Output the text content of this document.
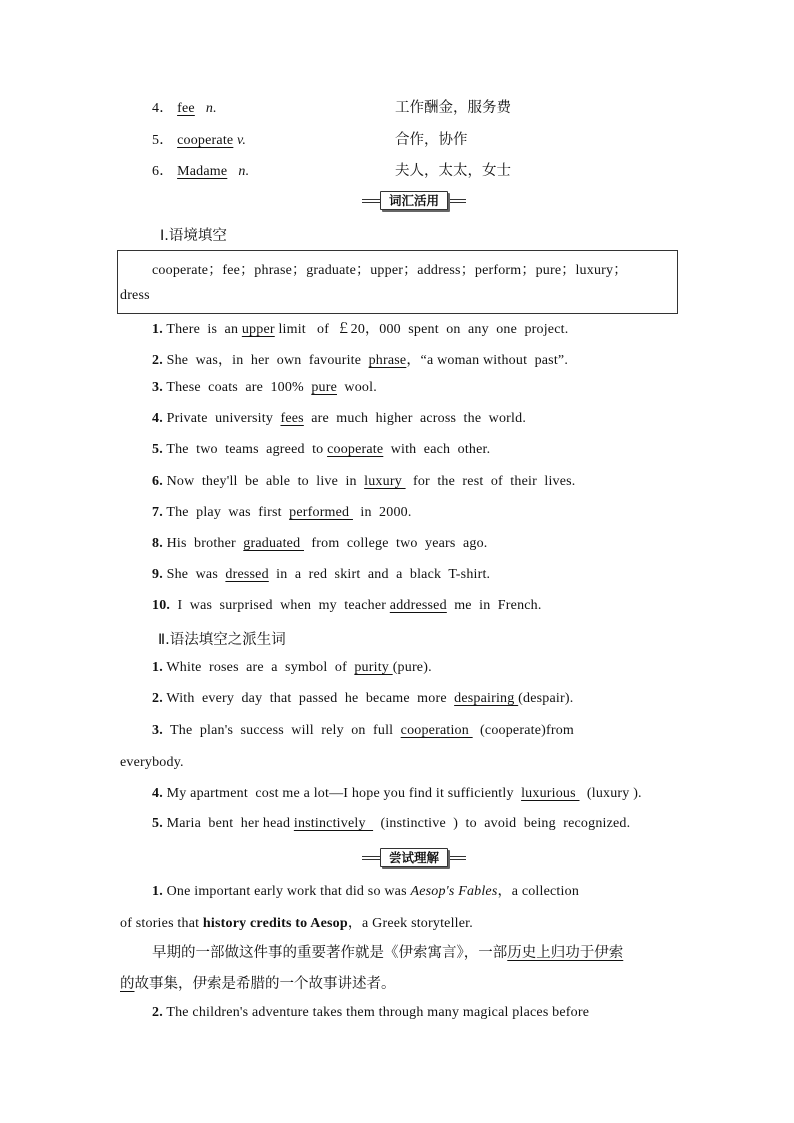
4． fee n.	工作酬金，服务费
5． cooperate v.	合作，协作
6． Madame n.	夫人，太太，女士
词汇活用
Ⅰ.语境填空
cooperate；fee；phrase；graduate；upper；address；perform；pure；luxury；
dress
1. There  is  an upper limit   of  ￡20，000  spent  on  any  one  project.
2. She  was，in  her  own  favourite  phrase，“a woman without  past”.
3. These  coats  are  100%  pure  wool.
4. Private  university  fees  are  much  higher  across  the  world.
5. The  two  teams  agreed  to cooperate  with  each  other.
6. Now  they'll  be  able  to  live  in  luxury   for  the  rest  of  their  lives.
7. The  play  was  first  performed   in  2000.
8. His  brother  graduated   from  college  two  years  ago.
9. She  was  dressed  in  a  red  skirt  and  a  black  T-shirt.
10.  I  was  surprised  when  my  teacher addressed  me  in  French.
Ⅱ.语法填空之派生词
1. White  roses  are  a  symbol  of  purity (pure).
2. With  every  day  that  passed  he  became  more  despairing (despair).
3.  The  plan's  success  will  rely  on  full  cooperation   (cooperate)from
4. My apartment  cost me a lot—I hope you find it sufficiently  luxurious   (luxury ).
5. Maria  bent  her head instinctively    (instinctive  )  to  avoid  being  recognized.
everybody.
尝试理解
1. One important early work that did so was Aesop's Fables，a collection
of stories that history credits to Aesop，a Greek storyteller.
早期的一部做这件事的重要著作就是《伊索寓言》，一部历史上归功于伊索
的故事集，伊索是希腊的一个故事讲述者。
2. The children's adventure takes them through many magical places before
